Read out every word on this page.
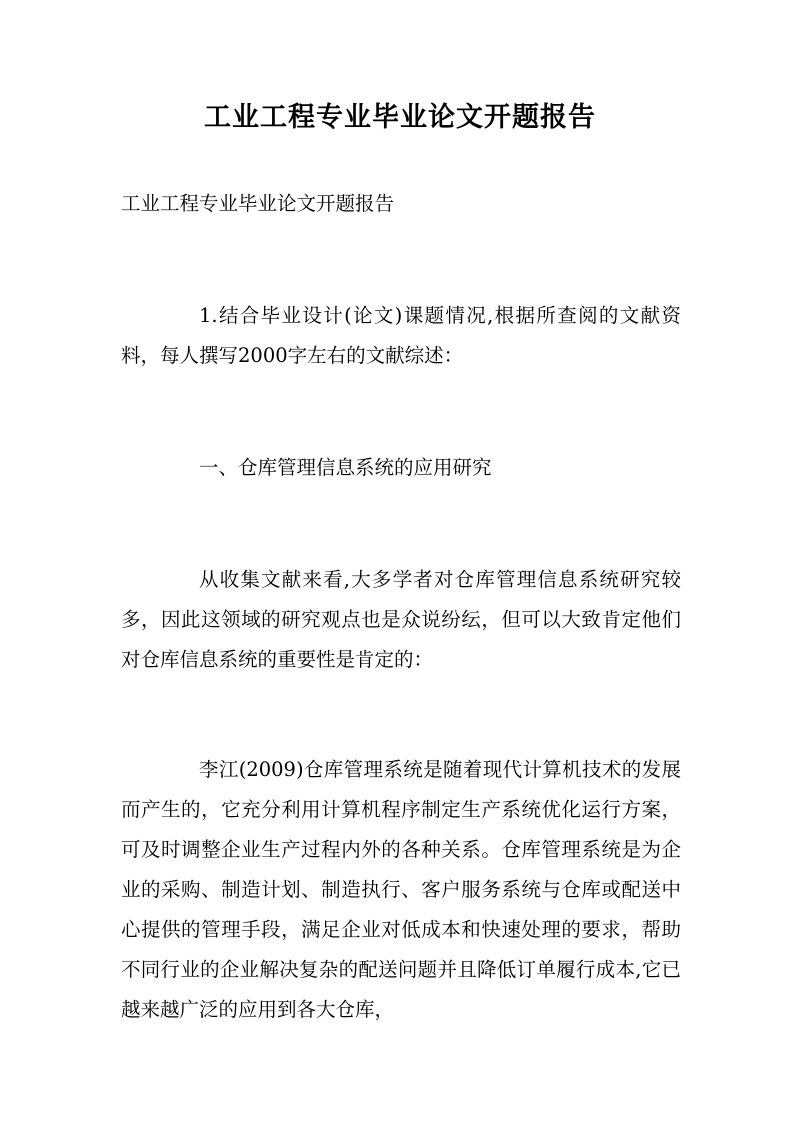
工业工程专业毕业论文开题报告
工业工程专业毕业论文开题报告
1.结合毕业设计(论文)课题情况,根据所查阅的文献资料，每人撰写2000字左右的文献综述：
一、仓库管理信息系统的应用研究
从收集文献来看,大多学者对仓库管理信息系统研究较多，因此这领域的研究观点也是众说纷纭，但可以大致肯定他们对仓库信息系统的重要性是肯定的：
李江(2009)仓库管理系统是随着现代计算机技术的发展而产生的，它充分利用计算机程序制定生产系统优化运行方案，可及时调整企业生产过程内外的各种关系。仓库管理系统是为企业的采购、制造计划、制造执行、客户服务系统与仓库或配送中心提供的管理手段，满足企业对低成本和快速处理的要求，帮助不同行业的企业解决复杂的配送问题并且降低订单履行成本,它已越来越广泛的应用到各大仓库，
